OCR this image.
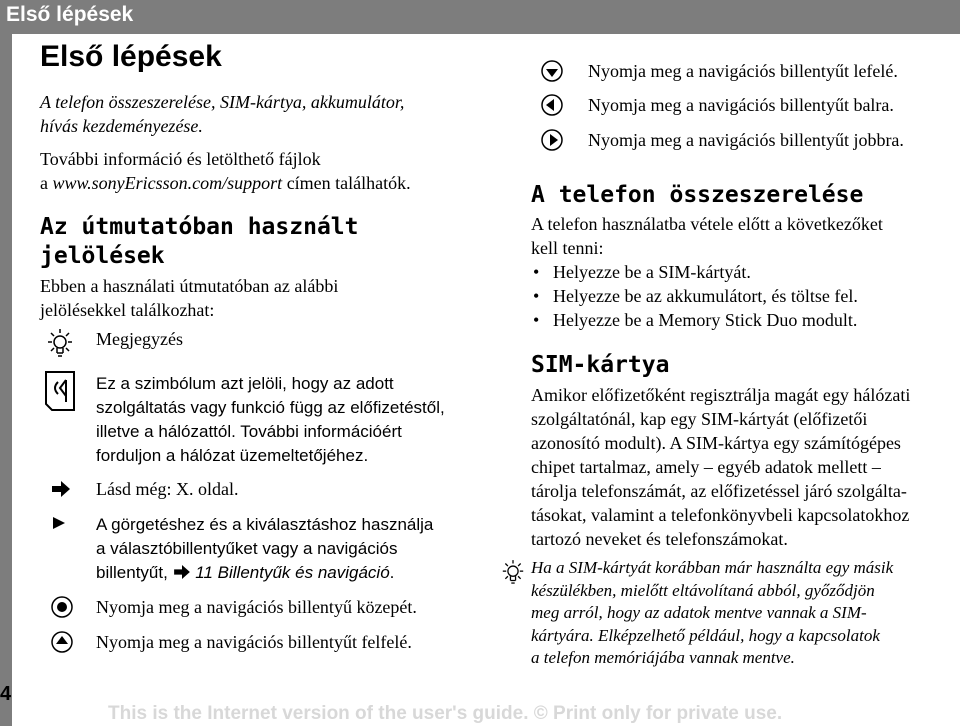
Első lépések
4
Első lépések
A telefon összeszerelése, SIM-kártya, akkumulátor,
hívás kezdeményezése.
További információ és letölthető fájlok
a www.sonyEricsson.com/support címen találhatók.
Az útmutatóban használt
jelölések
Ebben a használati útmutatóban az alábbi
jelölésekkel találkozhat:
Megjegyzés
Ez a szimbólum azt jelöli, hogy az adott
szolgáltatás vagy funkció függ az előfizetéstől,
illetve a hálózattól. További információért
forduljon a hálózat üzemeltetőjéhez.
Lásd még: X. oldal.
A görgetéshez és a kiválasztáshoz használja
a választóbillentyűket vagy a navigációs
billentyűt, 11 Billentyűk és navigáció.
Nyomja meg a navigációs billentyű közepét.
Nyomja meg a navigációs billentyűt felfelé.
Nyomja meg a navigációs billentyűt lefelé.
Nyomja meg a navigációs billentyűt balra.
Nyomja meg a navigációs billentyűt jobbra.
A telefon összeszerelése
A telefon használatba vétele előtt a következőket
kell tenni:
• Helyezze be a SIM-kártyát.
• Helyezze be az akkumulátort, és töltse fel.
• Helyezze be a Memory Stick Duo modult.
SIM-kártya
Amikor előfizetőként regisztrálja magát egy hálózati
szolgáltatónál, kap egy SIM-kártyát (előfizetői
azonosító modult). A SIM-kártya egy számítógépes
chipet tartalmaz, amely – egyéb adatok mellett –
tárolja telefonszámát, az előfizetéssel járó szolgálta-
tásokat, valamint a telefonkönyvbeli kapcsolatokhoz
tartozó neveket és telefonszámokat.
Ha a SIM-kártyát korábban már használta egy másik
készülékben, mielőtt eltávolítaná abból, győződjön
meg arról, hogy az adatok mentve vannak a SIM-
kártyára. Elképzelhető például, hogy a kapcsolatok
a telefon memóriájába vannak mentve.
This is the Internet version of the user's guide. © Print only for private use.
